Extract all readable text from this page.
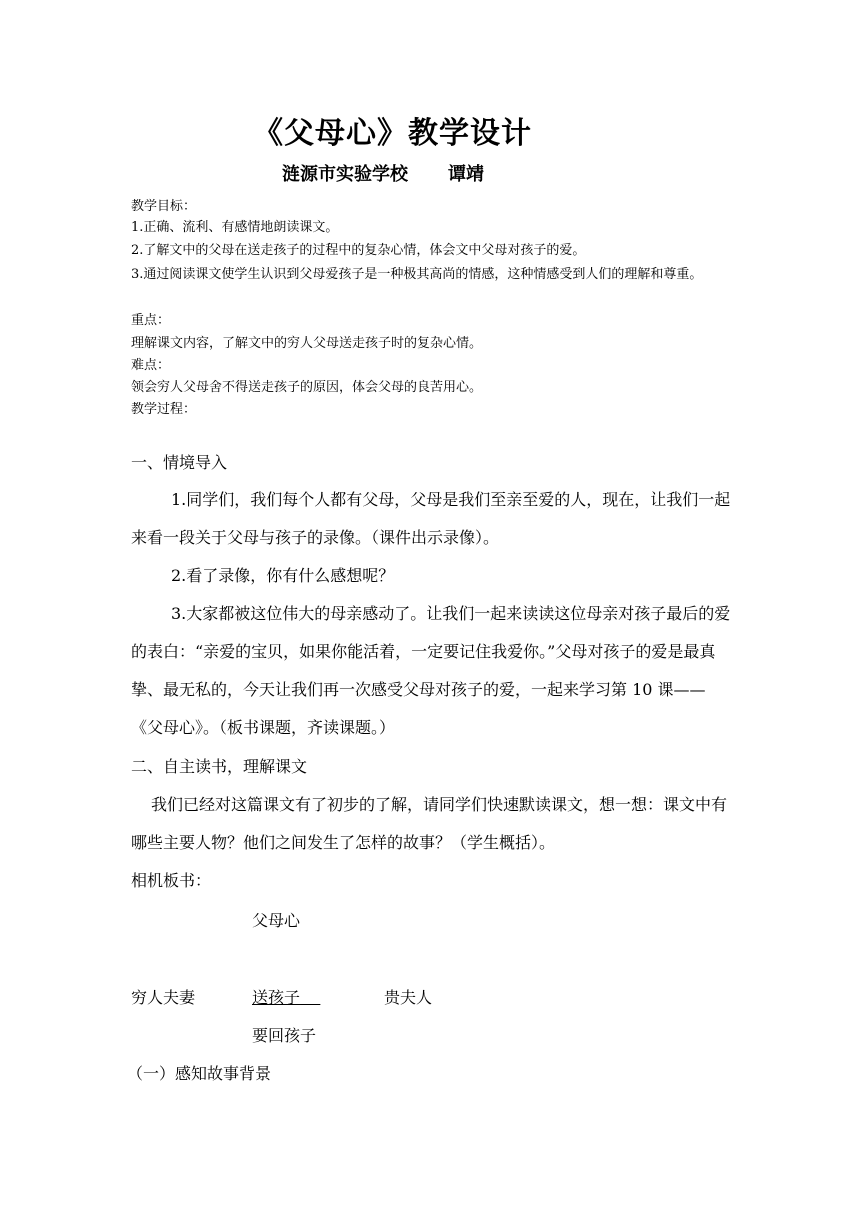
《父母心》教学设计
涟源市实验学校 谭靖
教学目标：
1.正确、流利、有感情地朗读课文。
2.了解文中的父母在送走孩子的过程中的复杂心情，体会文中父母对孩子的爱。
3.通过阅读课文使学生认识到父母爱孩子是一种极其高尚的情感，这种情感受到人们的理解和尊重。
重点：
理解课文内容，了解文中的穷人父母送走孩子时的复杂心情。
难点：
领会穷人父母舍不得送走孩子的原因，体会父母的良苦用心。
教学过程：
一、情境导入
1.同学们，我们每个人都有父母，父母是我们至亲至爱的人，现在，让我们一起来看一段关于父母与孩子的录像。（课件出示录像）。
2.看了录像，你有什么感想呢？
3.大家都被这位伟大的母亲感动了。让我们一起来读读这位母亲对孩子最后的爱的表白：“亲爱的宝贝，如果你能活着，一定要记住我爱你。”父母对孩子的爱是最真挚、最无私的，今天让我们再一次感受父母对孩子的爱，一起来学习第 10 课——《父母心》。（板书课题，齐读课题。）
二、自主读书，理解课文
我们已经对这篇课文有了初步的了解，请同学们快速默读课文，想一想：课文中有哪些主要人物？他们之间发生了怎样的故事？（学生概括）。
相机板书：
父母心
穷人夫妻	送孩子	贵夫人
要回孩子
（一）感知故事背景
